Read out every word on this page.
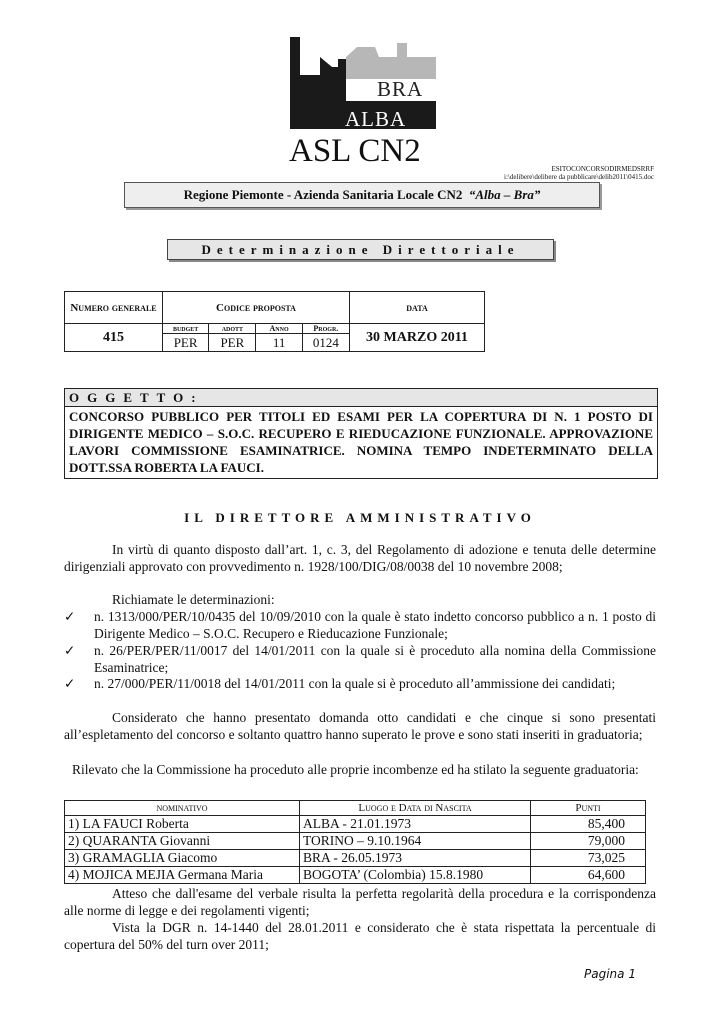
BRA
ALBA
ASL CN2	ESITOCONCORSODIRMEDSRRF
i:\delibere\delibere da pubblicare\delib2011\0415.doc
Regione Piemonte - Azienda Sanitaria Locale CN2 “Alba – Bra”
Determinazione Direttoriale
Numero generale	Codice proposta				data
415	budget	adott	Anno	Progr.	30 MARZO 2011
	PER	PER	11	0124	
OGGETTO:
CONCORSO PUBBLICO PER TITOLI ED ESAMI PER LA COPERTURA DI N. 1 POSTO DI DIRIGENTE MEDICO – S.O.C. RECUPERO E RIEDUCAZIONE FUNZIONALE. APPROVAZIONE LAVORI COMMISSIONE ESAMINATRICE. NOMINA TEMPO INDETERMINATO DELLA DOTT.SSA ROBERTA LA FAUCI.
IL DIRETTORE AMMINISTRATIVO
In virtù di quanto disposto dall’art. 1, c. 3, del Regolamento di adozione e tenuta delle determine dirigenziali approvato con provvedimento n. 1928/100/DIG/08/0038 del 10 novembre 2008;
Richiamate le determinazioni:
✓	n. 1313/000/PER/10/0435 del 10/09/2010 con la quale è stato indetto concorso pubblico a n. 1 posto di Dirigente Medico – S.O.C. Recupero e Rieducazione Funzionale;
✓	n. 26/PER/PER/11/0017 del 14/01/2011 con la quale si è proceduto alla nomina della Commissione Esaminatrice;
✓	n. 27/000/PER/11/0018 del 14/01/2011 con la quale si è proceduto all’ammissione dei candidati;
Considerato che hanno presentato domanda otto candidati e che cinque si sono presentati all’espletamento del concorso e soltanto quattro hanno superato le prove e sono stati inseriti in graduatoria;
Rilevato che la Commissione ha proceduto alle proprie incombenze ed ha stilato la seguente graduatoria:
nominativo	Luogo e Data di Nascita	Punti
1) LA FAUCI Roberta	ALBA - 21.01.1973	85,400
2) QUARANTA Giovanni	TORINO – 9.10.1964	79,000
3) GRAMAGLIA Giacomo	BRA - 26.05.1973	73,025
4) MOJICA MEJIA Germana Maria	BOGOTA’ (Colombia) 15.8.1980	64,600
Atteso che dall'esame del verbale risulta la perfetta regolarità della procedura e la corrispondenza alle norme di legge e dei regolamenti vigenti;
Vista la DGR n. 14-1440 del 28.01.2011 e considerato che è stata rispettata la percentuale di copertura del 50% del turn over 2011;
Pagina 1
